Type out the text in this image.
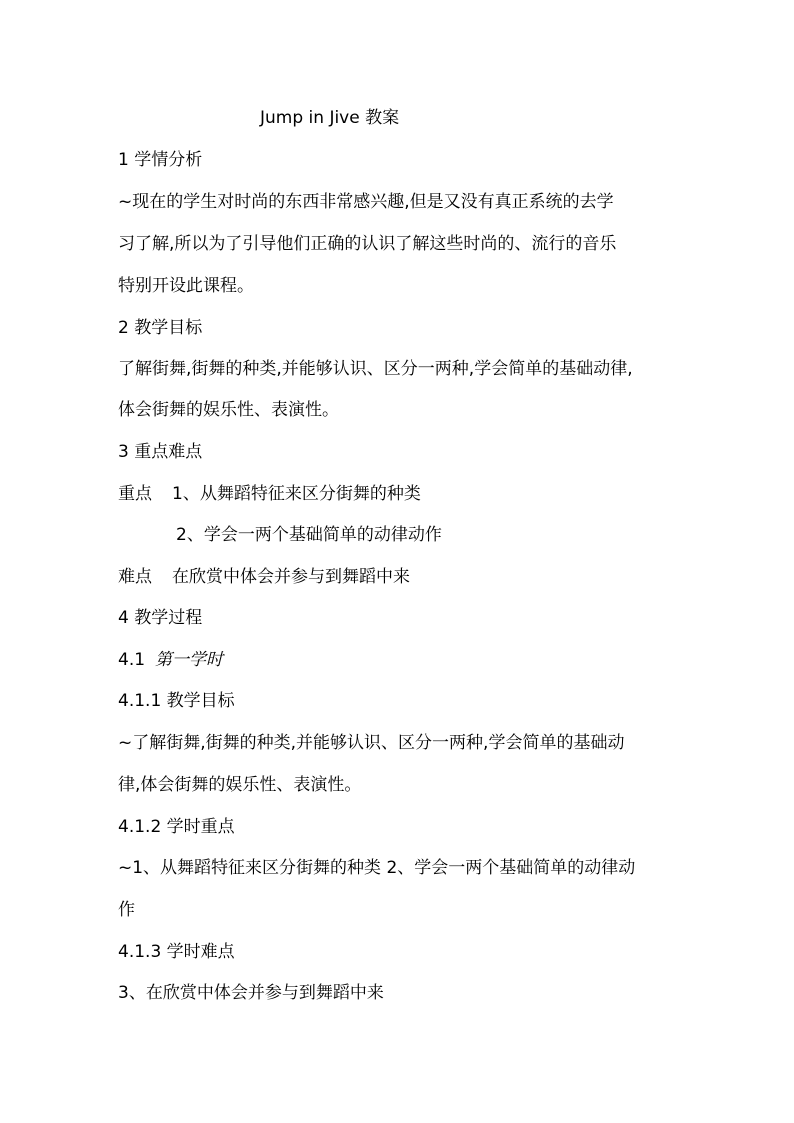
Jump in Jive 教案
1 学情分析
~现在的学生对时尚的东西非常感兴趣,但是又没有真正系统的去学
习了解,所以为了引导他们正确的认识了解这些时尚的、流行的音乐
特别开设此课程。
2 教学目标
了解街舞,街舞的种类,并能够认识、区分一两种,学会简单的基础动律,
体会街舞的娱乐性、表演性。
3 重点难点
重点 1、从舞蹈特征来区分街舞的种类
2、学会一两个基础简单的动律动作
难点 在欣赏中体会并参与到舞蹈中来
4 教学过程
4.1 第一学时
4.1.1 教学目标
~了解街舞,街舞的种类,并能够认识、区分一两种,学会简单的基础动
律,体会街舞的娱乐性、表演性。
4.1.2 学时重点
~1、从舞蹈特征来区分街舞的种类 2、学会一两个基础简单的动律动
作
4.1.3 学时难点
3、在欣赏中体会并参与到舞蹈中来
